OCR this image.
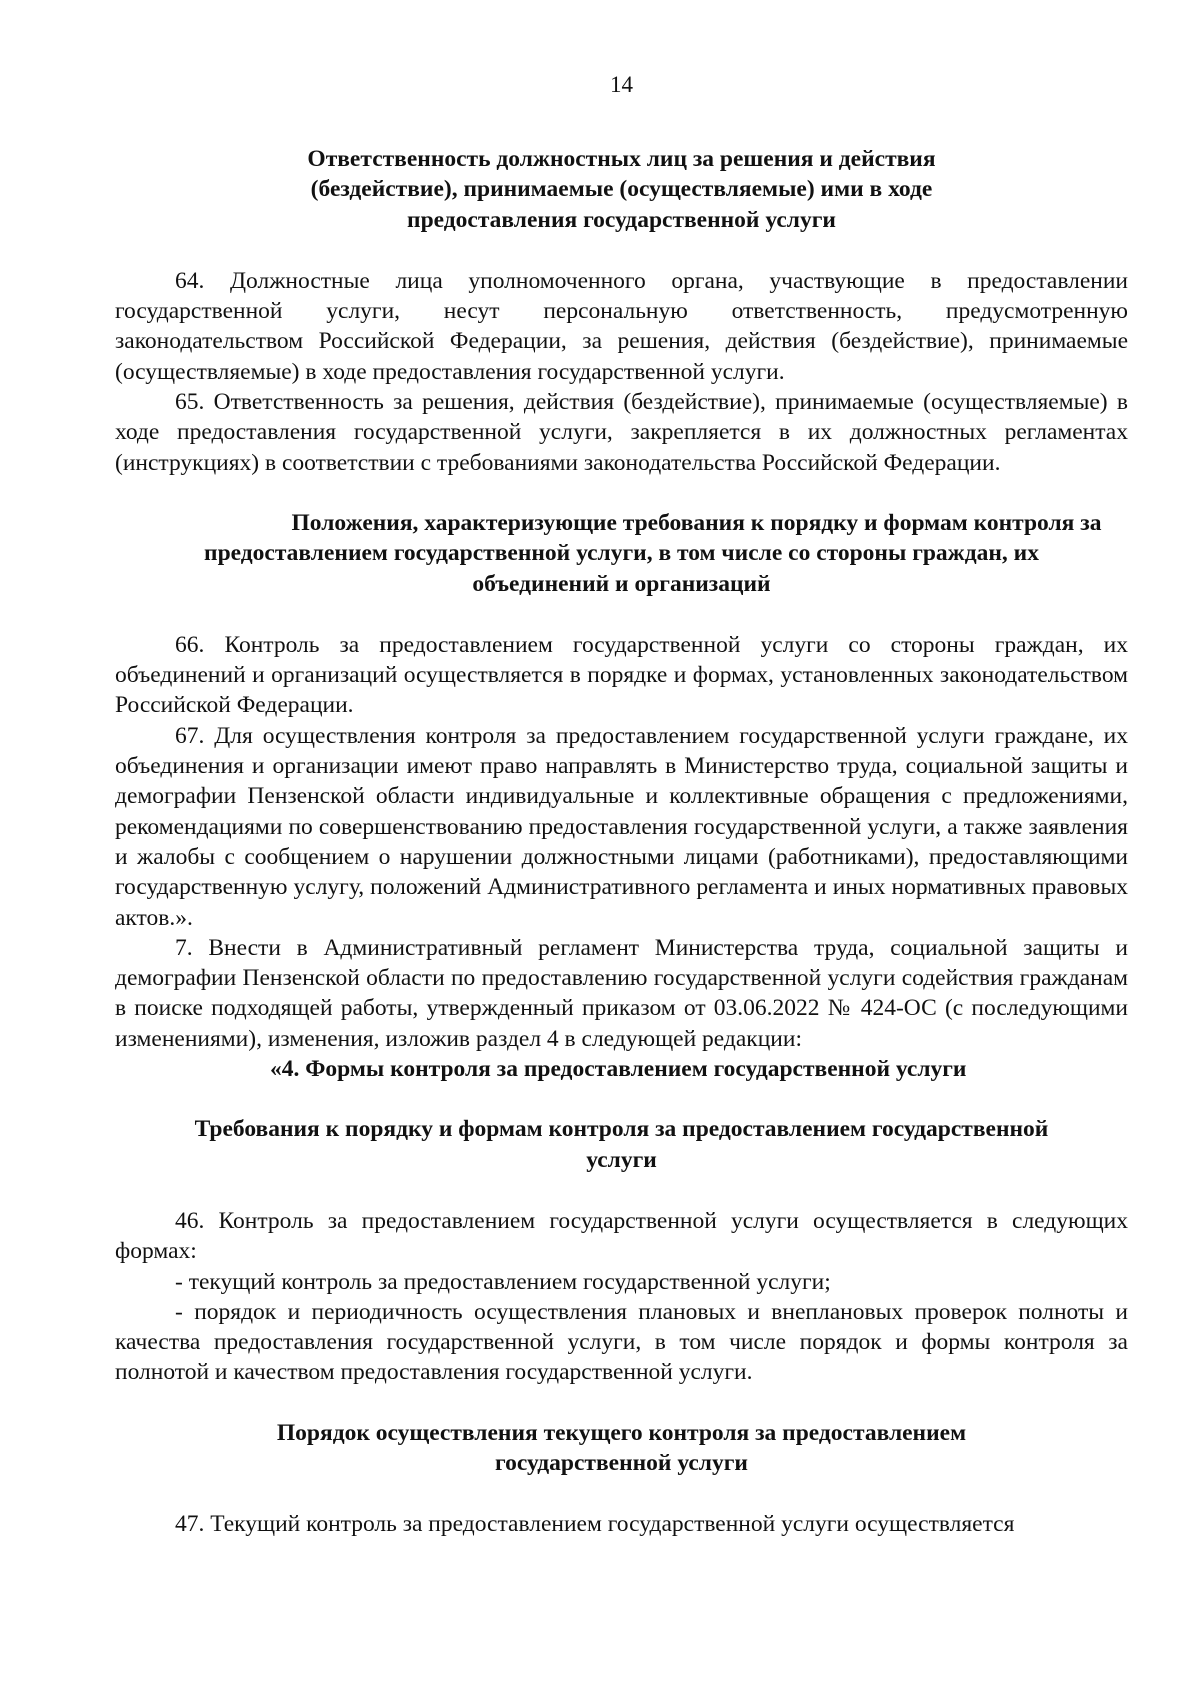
14
Ответственность должностных лиц за решения и действия
(бездействие), принимаемые (осуществляемые) ими в ходе
предоставления государственной услуги

64. Должностные лица уполномоченного органа, участвующие в предоставлении государственной услуги, несут персональную ответственность, предусмотренную законодательством Российской Федерации, за решения, действия (бездействие), принимаемые (осуществляемые) в ходе предоставления государственной услуги.

65. Ответственность за решения, действия (бездействие), принимаемые (осуществляемые) в ходе предоставления государственной услуги, закрепляется в их должностных регламентах (инструкциях) в соответствии с требованиями законодательства Российской Федерации.

Положения, характеризующие требования к порядку и формам контроля за
предоставлением государственной услуги, в том числе со стороны граждан, их
объединений и организаций

66. Контроль за предоставлением государственной услуги со стороны граждан, их объединений и организаций осуществляется в порядке и формах, установленных законодательством Российской Федерации.

67. Для осуществления контроля за предоставлением государственной услуги граждане, их объединения и организации имеют право направлять в Министерство труда, социальной защиты и демографии Пензенской области индивидуальные и коллективные обращения с предложениями, рекомендациями по совершенствованию предоставления государственной услуги, а также заявления и жалобы с сообщением о нарушении должностными лицами (работниками), предоставляющими государственную услугу, положений Административного регламента и иных нормативных правовых актов.».

7. Внести в Административный регламент Министерства труда, социальной защиты и демографии Пензенской области по предоставлению государственной услуги содействия гражданам в поиске подходящей работы, утвержденный приказом от 03.06.2022 № 424-ОС (с последующими изменениями), изменения, изложив раздел 4 в следующей редакции:

«4. Формы контроля за предоставлением государственной услуги

Требования к порядку и формам контроля за предоставлением государственной
услуги

46. Контроль за предоставлением государственной услуги осуществляется в следующих формах:

- текущий контроль за предоставлением государственной услуги;

- порядок и периодичность осуществления плановых и внеплановых проверок полноты и качества предоставления государственной услуги, в том числе порядок и формы контроля за полнотой и качеством предоставления государственной услуги.

Порядок осуществления текущего контроля за предоставлением
государственной услуги

47. Текущий контроль за предоставлением государственной услуги осуществляется
